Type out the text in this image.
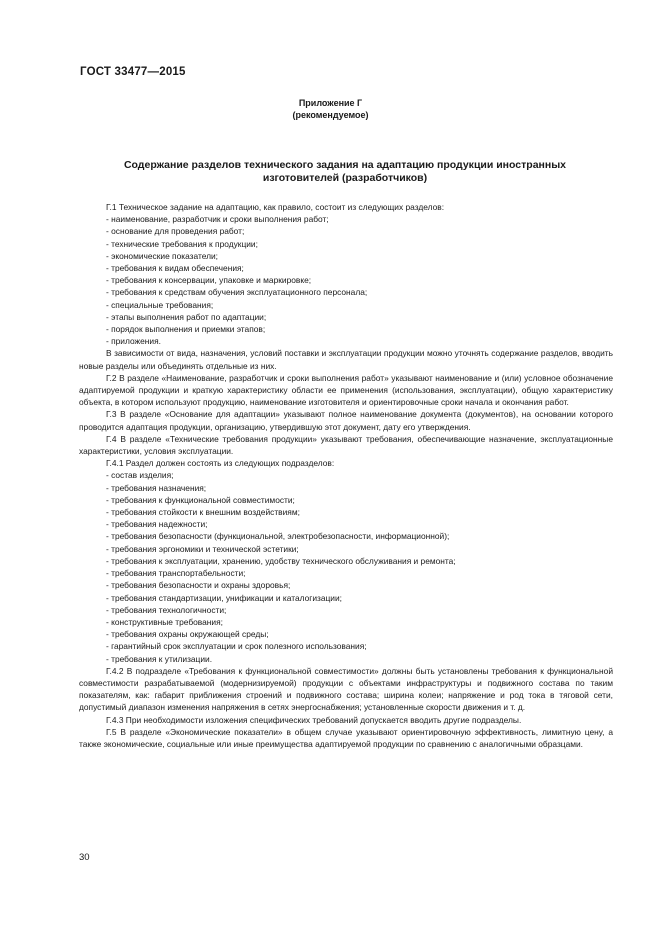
ГОСТ 33477—2015
Приложение Г
(рекомендуемое)
Содержание разделов технического задания на адаптацию продукции иностранных изготовителей (разработчиков)

Г.1 Техническое задание на адаптацию, как правило, состоит из следующих разделов:

- наименование, разработчик и сроки выполнения работ;

- основание для проведения работ;

- технические требования к продукции;

- экономические показатели;

- требования к видам обеспечения;

- требования к консервации, упаковке и маркировке;

- требования к средствам обучения эксплуатационного персонала;

- специальные требования;

- этапы выполнения работ по адаптации;

- порядок выполнения и приемки этапов;

- приложения.

В зависимости от вида, назначения, условий поставки и эксплуатации продукции можно уточнять содержание разделов, вводить новые разделы или объединять отдельные из них.

Г.2 В разделе «Наименование, разработчик и сроки выполнения работ» указывают наименование и (или) условное обозначение адаптируемой продукции и краткую характеристику области ее применения (использования, эксплуатации), общую характеристику объекта, в котором используют продукцию, наименование изготовителя и ориентировочные сроки начала и окончания работ.

Г.3 В разделе «Основание для адаптации» указывают полное наименование документа (документов), на основании которого проводится адаптация продукции, организацию, утвердившую этот документ, дату его утверждения.

Г.4 В разделе «Технические требования продукции» указывают требования, обеспечивающие назначение, эксплуатационные характеристики, условия эксплуатации.

Г.4.1 Раздел должен состоять из следующих подразделов:

- состав изделия;

- требования назначения;

- требования к функциональной совместимости;

- требования стойкости к внешним воздействиям;

- требования надежности;

- требования безопасности (функциональной, электробезопасности, информационной);

- требования эргономики и технической эстетики;

- требования к эксплуатации, хранению, удобству технического обслуживания и ремонта;

- требования транспортабельности;

- требования безопасности и охраны здоровья;

- требования стандартизации, унификации и каталогизации;

- требования технологичности;

- конструктивные требования;

- требования охраны окружающей среды;

- гарантийный срок эксплуатации и срок полезного использования;

- требования к утилизации.

Г.4.2 В подразделе «Требования к функциональной совместимости» должны быть установлены требования к функциональной совместимости разрабатываемой (модернизируемой) продукции с объектами инфраструктуры и подвижного состава по таким показателям, как: габарит приближения строений и подвижного состава; ширина колеи; напряжение и род тока в тяговой сети, допустимый диапазон изменения напряжения в сетях энергоснабжения; установленные скорости движения и т. д.

Г.4.3 При необходимости изложения специфических требований допускается вводить другие подразделы.

Г.5 В разделе «Экономические показатели» в общем случае указывают ориентировочную эффективность, лимитную цену, а также экономические, социальные или иные преимущества адаптируемой продукции по сравнению с аналогичными образцами.

30
